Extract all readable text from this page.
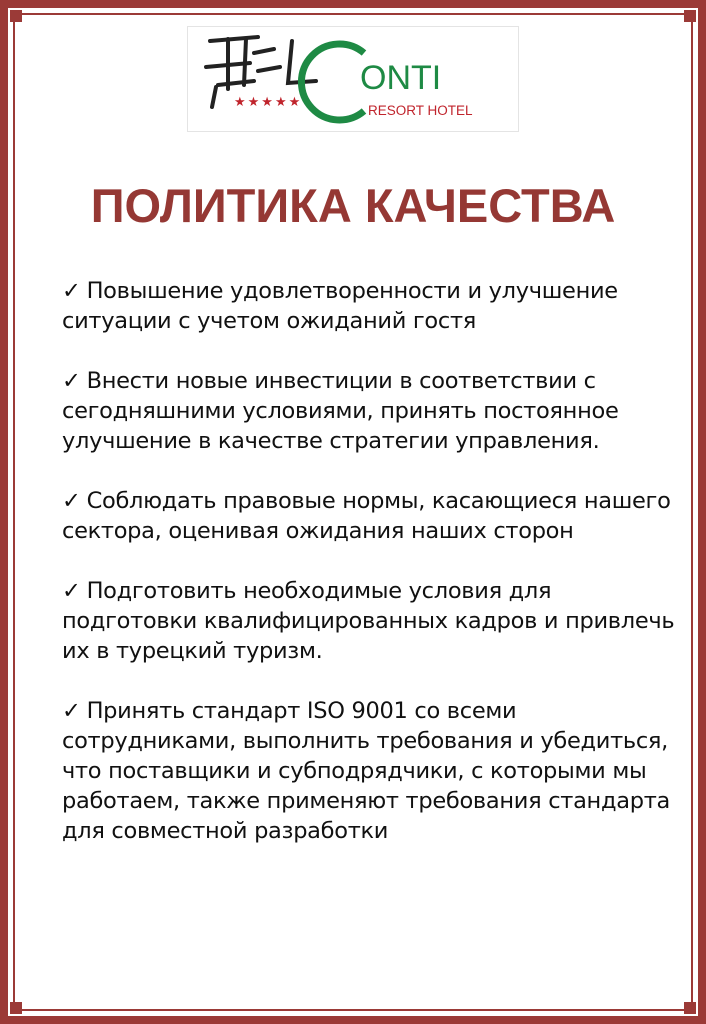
★★★★★
ONTI
RESORT HOTEL
ПОЛИТИКА КАЧЕСТВА
✓ Повышение удовлетворенности и улучшение ситуации с учетом ожиданий гостя
✓ Внести новые инвестиции в соответствии с сегодняшними условиями, принять постоянное улучшение в качестве стратегии управления.
✓ Соблюдать правовые нормы, касающиеся нашего сектора, оценивая ожидания наших сторон
✓ Подготовить необходимые условия для подготовки квалифицированных кадров и привлечь их в турецкий туризм.
✓ Принять стандарт ISO 9001 со всеми сотрудниками, выполнить требования и убедиться, что поставщики и субподрядчики, с которыми мы работаем, также применяют требования стандарта для совместной разработки
